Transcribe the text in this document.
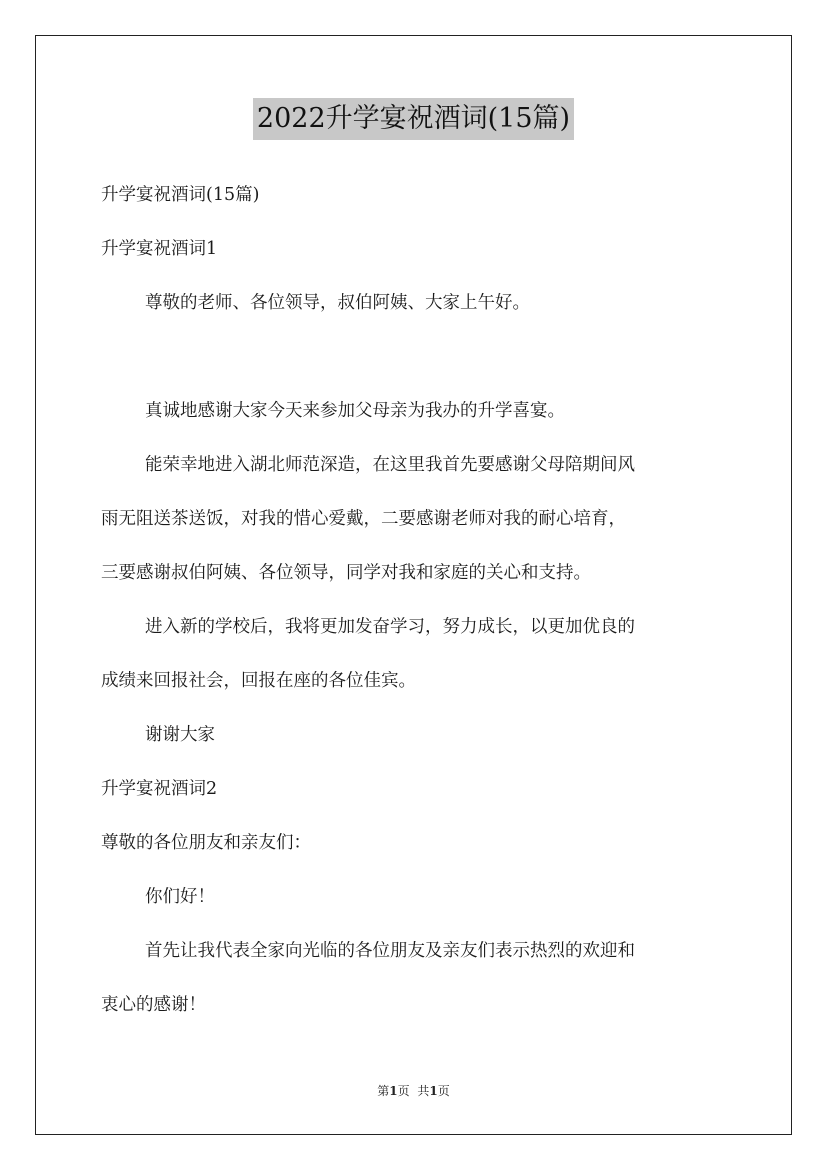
2022升学宴祝酒词(15篇)
升学宴祝酒词(15篇)
升学宴祝酒词1
尊敬的老师、各位领导，叔伯阿姨、大家上午好。
真诚地感谢大家今天来参加父母亲为我办的升学喜宴。
能荣幸地进入湖北师范深造，在这里我首先要感谢父母陪期间风
雨无阻送茶送饭，对我的惜心爱戴，二要感谢老师对我的耐心培育，
三要感谢叔伯阿姨、各位领导，同学对我和家庭的关心和支持。
进入新的学校后，我将更加发奋学习，努力成长，以更加优良的
成绩来回报社会，回报在座的各位佳宾。
谢谢大家
升学宴祝酒词2
尊敬的各位朋友和亲友们：
你们好！
首先让我代表全家向光临的各位朋友及亲友们表示热烈的欢迎和
衷心的感谢！
第1页 共1页
